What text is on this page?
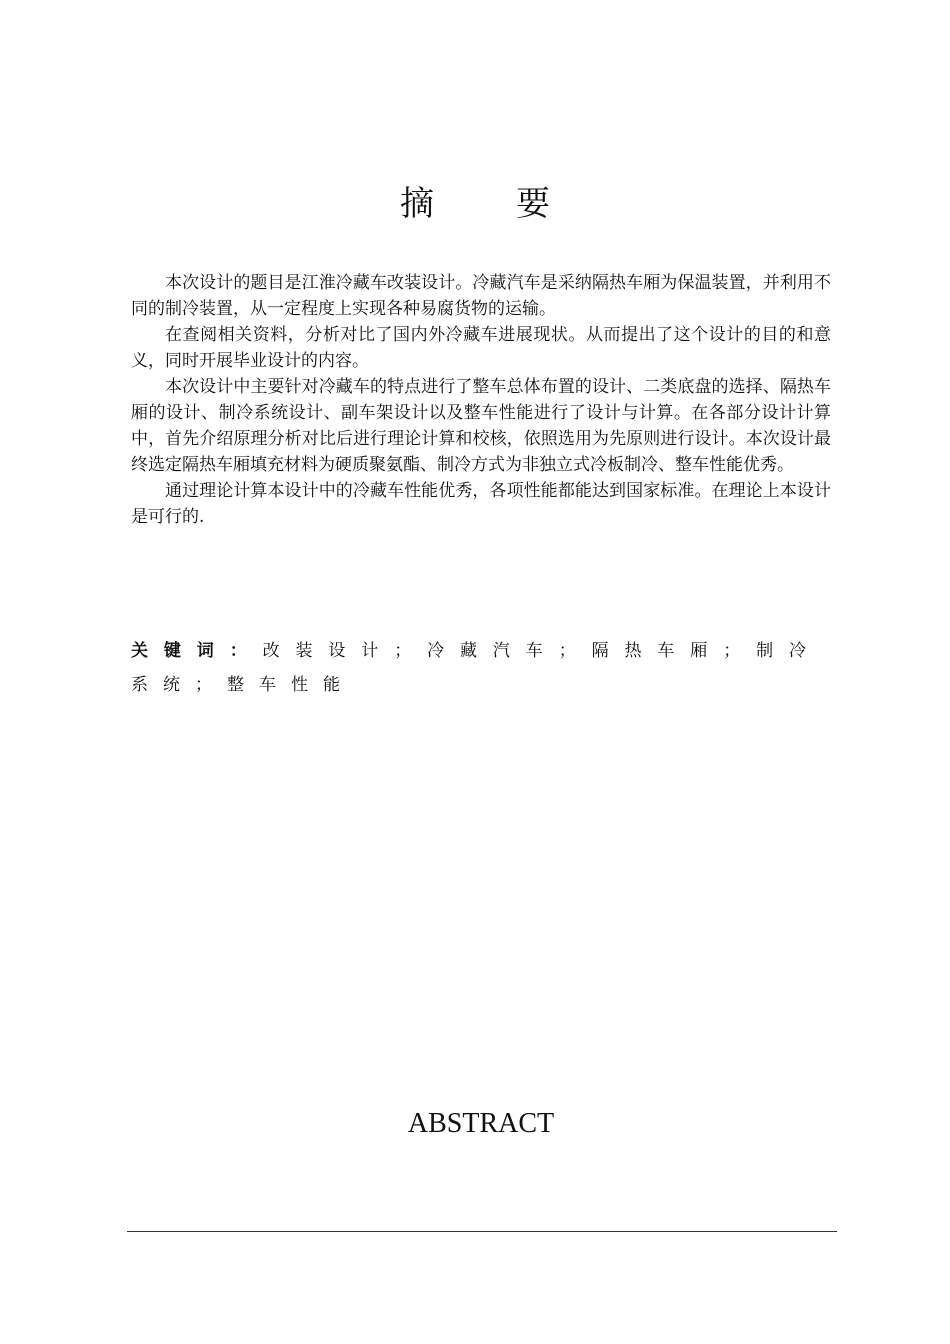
摘 要

本次设计的题目是江淮冷藏车改装设计。冷藏汽车是采纳隔热车厢为保温装置，并利用不同的制冷装置，从一定程度上实现各种易腐货物的运输。

在查阅相关资料，分析对比了国内外冷藏车进展现状。从而提出了这个设计的目的和意义，同时开展毕业设计的内容。

本次设计中主要针对冷藏车的特点进行了整车总体布置的设计、二类底盘的选择、隔热车厢的设计、制冷系统设计、副车架设计以及整车性能进行了设计与计算。在各部分设计计算中，首先介绍原理分析对比后进行理论计算和校核，依照选用为先原则进行设计。本次设计最终选定隔热车厢填充材料为硬质聚氨酯、制冷方式为非独立式冷板制冷、整车性能优秀。

通过理论计算本设计中的冷藏车性能优秀，各项性能都能达到国家标准。在理论上本设计是可行的.

关键词：改装设计；冷藏汽车；隔热车厢；制冷系统；整车性能
ABSTRACT
